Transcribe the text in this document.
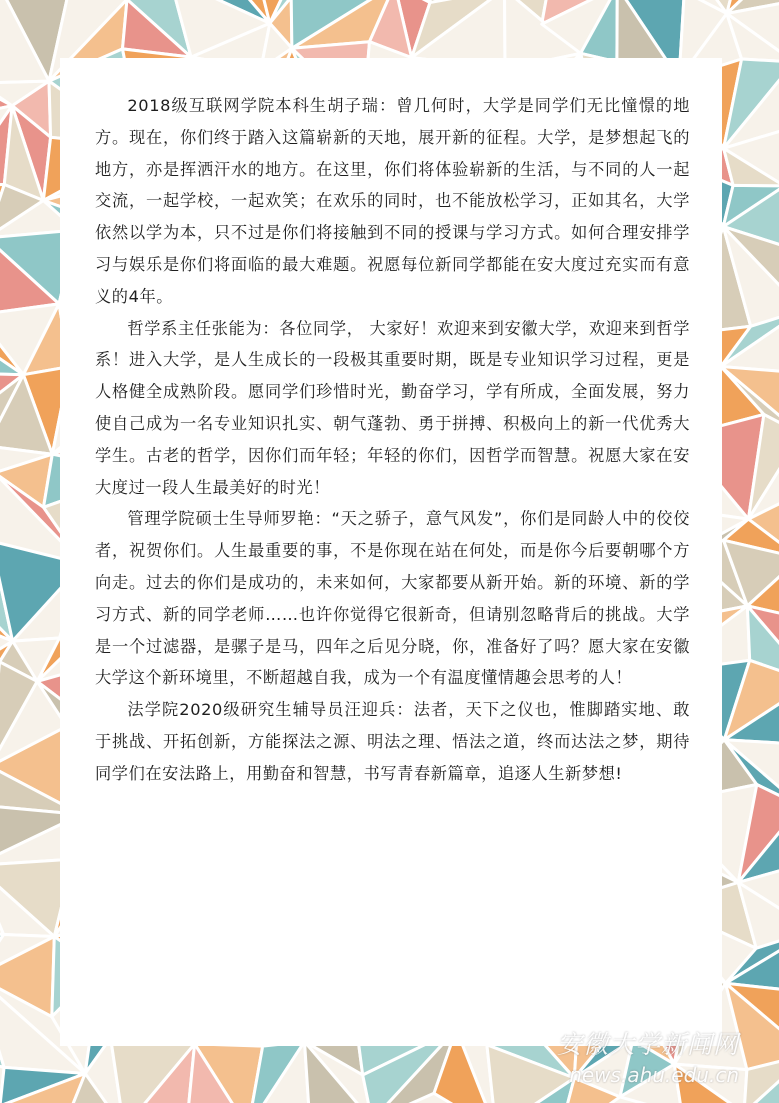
2018级互联网学院本科生胡子瑞：曾几何时，大学是同学们无比憧憬的地方。现在，你们终于踏入这篇崭新的天地，展开新的征程。大学，是梦想起飞的地方，亦是挥洒汗水的地方。在这里，你们将体验崭新的生活，与不同的人一起交流，一起学校，一起欢笑；在欢乐的同时，也不能放松学习，正如其名，大学依然以学为本，只不过是你们将接触到不同的授课与学习方式。如何合理安排学习与娱乐是你们将面临的最大难题。祝愿每位新同学都能在安大度过充实而有意义的4年。

哲学系主任张能为：各位同学， 大家好！欢迎来到安徽大学，欢迎来到哲学系！进入大学，是人生成长的一段极其重要时期，既是专业知识学习过程，更是人格健全成熟阶段。愿同学们珍惜时光，勤奋学习，学有所成，全面发展，努力使自己成为一名专业知识扎实、朝气蓬勃、勇于拼搏、积极向上的新一代优秀大学生。古老的哲学，因你们而年轻；年轻的你们，因哲学而智慧。祝愿大家在安大度过一段人生最美好的时光！

管理学院硕士生导师罗艳：“天之骄子，意气风发”，你们是同龄人中的佼佼者，祝贺你们。人生最重要的事，不是你现在站在何处，而是你今后要朝哪个方向走。过去的你们是成功的，未来如何，大家都要从新开始。新的环境、新的学习方式、新的同学老师……也许你觉得它很新奇，但请别忽略背后的挑战。大学是一个过滤器，是骡子是马，四年之后见分晓，你，准备好了吗？愿大家在安徽大学这个新环境里，不断超越自我，成为一个有温度懂情趣会思考的人！

法学院2020级研究生辅导员汪迎兵：法者，天下之仪也，惟脚踏实地、敢于挑战、开拓创新，方能探法之源、明法之理、悟法之道，终而达法之梦，期待同学们在安法路上，用勤奋和智慧，书写青春新篇章，追逐人生新梦想!

安徽大学新闻网
news.ahu.edu.cn
